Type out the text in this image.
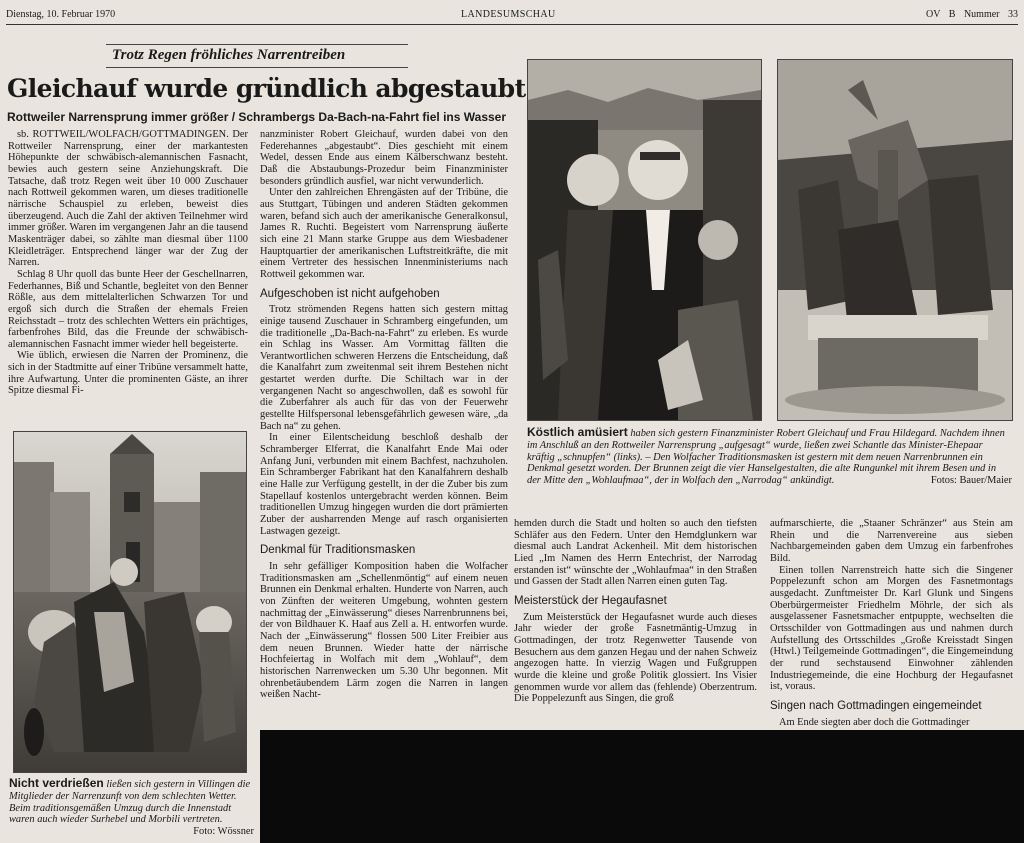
Dienstag, 10. Februar 1970	LANDESUMSCHAU	OV B Nummer 33
Trotz Regen fröhliches Narrentreiben
Gleichauf wurde gründlich abgestaubt
Rottweiler Narrensprung immer größer / Schrambergs Da-Bach-na-Fahrt fiel ins Wasser

sb. ROTTWEIL/WOLFACH/GOTTMADINGEN. Der Rottweiler Narrensprung, einer der markantesten Höhepunkte der schwäbisch-alemannischen Fasnacht, bewies auch gestern seine Anziehungskraft. Die Tatsache, daß trotz Regen weit über 10 000 Zuschauer nach Rottweil gekommen waren, um dieses traditionelle närrische Schauspiel zu erleben, beweist dies überzeugend. Auch die Zahl der aktiven Teilnehmer wird immer größer. Waren im vergangenen Jahr an die tausend Maskenträger dabei, so zählte man diesmal über 1100 Kleidleträger. Entsprechend länger war der Zug der Narren.

Schlag 8 Uhr quoll das bunte Heer der Geschellnarren, Federhannes, Biß und Schantle, begleitet von den Benner Rößle, aus dem mittelalterlichen Schwarzen Tor und ergoß sich durch die Straßen der ehemals Freien Reichsstadt – trotz des schlechten Wetters ein prächtiges, farbenfrohes Bild, das die Freunde der schwäbisch-alemannischen Fasnacht immer wieder hell begeisterte.

Wie üblich, erwiesen die Narren der Prominenz, die sich in der Stadtmitte auf einer Tribüne versammelt hatte, ihre Aufwartung. Unter die prominenten Gäste, an ihrer Spitze diesmal Fi-

Nicht verdrießen ließen sich gestern in Villingen die Mitglieder der Narrenzunft von dem schlechten Wetter. Beim traditionsgemäßen Umzug durch die Innenstadt waren auch wieder Surhebel und Morbili vertreten.
Foto: Wössner

nanzminister Robert Gleichauf, wurden dabei von den Federehannes „abgestaubt“. Dies geschieht mit einem Wedel, dessen Ende aus einem Kälberschwanz besteht. Daß die Abstaubungs-Prozedur beim Finanzminister besonders gründlich ausfiel, war nicht verwunderlich.

Unter den zahlreichen Ehrengästen auf der Tribüne, die aus Stuttgart, Tübingen und anderen Städten gekommen waren, befand sich auch der amerikanische Generalkonsul, James R. Ruchti. Begeistert vom Narrensprung äußerte sich eine 21 Mann starke Gruppe aus dem Wiesbadener Hauptquartier der amerikanischen Luftstreitkräfte, die mit einem Vertreter des hessischen Innenministeriums nach Rottweil gekommen war.

Aufgeschoben ist nicht aufgehoben

Trotz strömenden Regens hatten sich gestern mittag einige tausend Zuschauer in Schramberg eingefunden, um die traditionelle „Da-Bach-na-Fahrt“ zu erleben. Es wurde ein Schlag ins Wasser. Am Vormittag fällten die Verantwortlichen schweren Herzens die Entscheidung, daß die Kanalfahrt zum zweitenmal seit ihrem Bestehen nicht gestartet werden durfte. Die Schiltach war in der vergangenen Nacht so angeschwollen, daß es sowohl für die Zuberfahrer als auch für das von der Feuerwehr gestellte Hilfspersonal lebensgefährlich gewesen wäre, „da Bach na“ zu gehen.

In einer Eilentscheidung beschloß deshalb der Schramberger Elferrat, die Kanalfahrt Ende Mai oder Anfang Juni, verbunden mit einem Bachfest, nachzuholen. Ein Schramberger Fabrikant hat den Kanalfahrern deshalb eine Halle zur Verfügung gestellt, in der die Zuber bis zum Stapellauf kostenlos untergebracht werden können. Beim traditionellen Umzug hingegen wurden die dort prämierten Zuber der ausharrenden Menge auf rasch organisierten Lastwagen gezeigt.

Denkmal für Traditionsmasken

In sehr gefälliger Komposition haben die Wolfacher Traditionsmasken am „Schellenmöntig“ auf einem neuen Brunnen ein Denkmal erhalten. Hunderte von Narren, auch von Zünften der weiteren Umgebung, wohnten gestern nachmittag der „Einwässerung“ dieses Narrenbrunnens bei, der von Bildhauer K. Haaf aus Zell a. H. entworfen wurde. Nach der „Einwässerung“ flossen 500 Liter Freibier aus dem neuen Brunnen. Wieder hatte der närrische Hochfeiertag in Wolfach mit dem „Wohlauf“, dem historischen Narrenwecken um 5.30 Uhr begonnen. Mit ohrenbetäubendem Lärm zogen die Narren in langen weißen Nacht-

Köstlich amüsiert haben sich gestern Finanzminister Robert Gleichauf und Frau Hildegard. Nachdem ihnen im Anschluß an den Rottweiler Narrensprung „aufgesagt“ wurde, ließen zwei Schantle das Minister-Ehepaar kräftig „schnupfen“ (links). – Den Wolfacher Traditionsmasken ist gestern mit dem neuen Narrenbrunnen ein Denkmal gesetzt worden. Der Brunnen zeigt die vier Hanselgestalten, die alte Rungunkel mit ihrem Besen und in der Mitte den „Wohlaufmaa“, der in Wolfach den „Narrodag“ ankündigt.	Fotos: Bauer/Maier

hemden durch die Stadt und holten so auch den tiefsten Schläfer aus den Federn. Unter den Hemdglunkern war diesmal auch Landrat Ackenheil. Mit dem historischen Lied „Im Namen des Herrn Entechrist, der Narrodag erstanden ist“ wünschte der „Wohlaufmaa“ in den Straßen und Gassen der Stadt allen Narren einen guten Tag.

Meisterstück der Hegaufasnet

Zum Meisterstück der Hegaufasnet wurde auch dieses Jahr wieder der große Fasnetmäntig-Umzug in Gottmadingen, der trotz Regenwetter Tausende von Besuchern aus dem ganzen Hegau und der nahen Schweiz angezogen hatte. In vierzig Wagen und Fußgruppen wurde die kleine und große Politik glossiert. Ins Visier genommen wurde vor allem das (fehlende) Oberzentrum. Die Poppelezunft aus Singen, die groß

aufmarschierte, die „Staaner Schränzer“ aus Stein am Rhein und die Narrenvereine aus sieben Nachbargemeinden gaben dem Umzug ein farbenfrohes Bild.

Einen tollen Narrenstreich hatte sich die Singener Poppelezunft schon am Morgen des Fasnetmontags ausgedacht. Zunftmeister Dr. Karl Glunk und Singens Oberbürgermeister Friedhelm Möhrle, der sich als ausgelassener Fasnetsmacher entpuppte, wechselten die Ortsschilder von Gottmadingen aus und nahmen durch Aufstellung des Ortsschildes „Große Kreisstadt Singen (Htwl.) Teilgemeinde Gottmadingen“, die Eingemeindung der rund sechstausend Einwohner zählenden Industriegemeinde, die eine Hochburg der Hegaufasnet ist, voraus.

Singen nach Gottmadingen eingemeindet

Am Ende siegten aber doch die Gottmadinger
